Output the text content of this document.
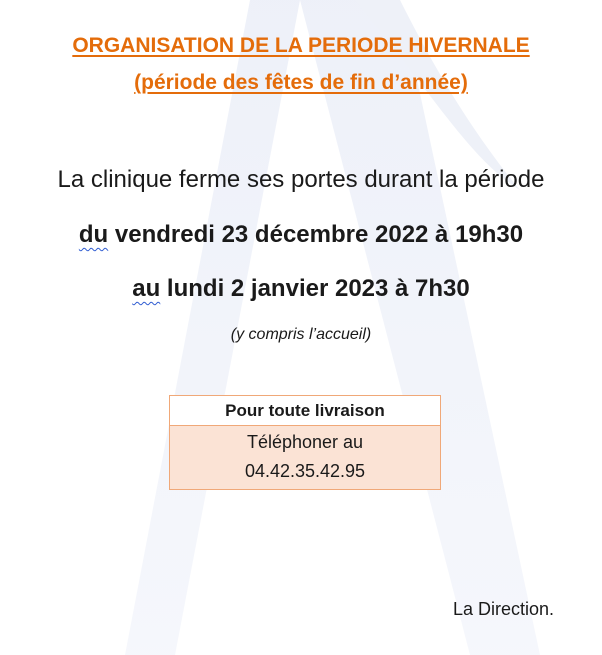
ORGANISATION DE LA PERIODE HIVERNALE
(période des fêtes de fin d’année)
La clinique ferme ses portes durant la période
du vendredi 23 décembre 2022 à 19h30
au lundi 2 janvier 2023 à 7h30
(y compris l’accueil)
Pour toute livraison
Téléphoner au
04.42.35.42.95
La Direction.
